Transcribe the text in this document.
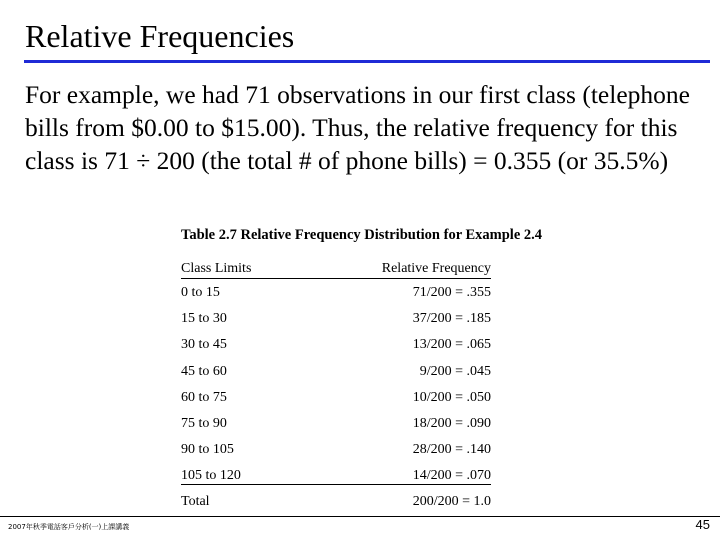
Relative Frequencies
For example, we had 71 observations in our first class (telephone bills from $0.00 to $15.00). Thus, the relative frequency for this class is 71 ÷ 200 (the total # of phone bills) = 0.355 (or 35.5%)
Table 2.7 Relative Frequency Distribution for Example 2.4
Class Limits	Relative Frequency
0 to 15	71/200 = .355
15 to 30	37/200 = .185
30 to 45	13/200 = .065
45 to 60	9/200 = .045
60 to 75	10/200 = .050
75 to 90	18/200 = .090
90 to 105	28/200 = .140
105 to 120	14/200 = .070
Total	200/200 = 1.0
2007年秋季電話客戶分析(一)上課講義	45
